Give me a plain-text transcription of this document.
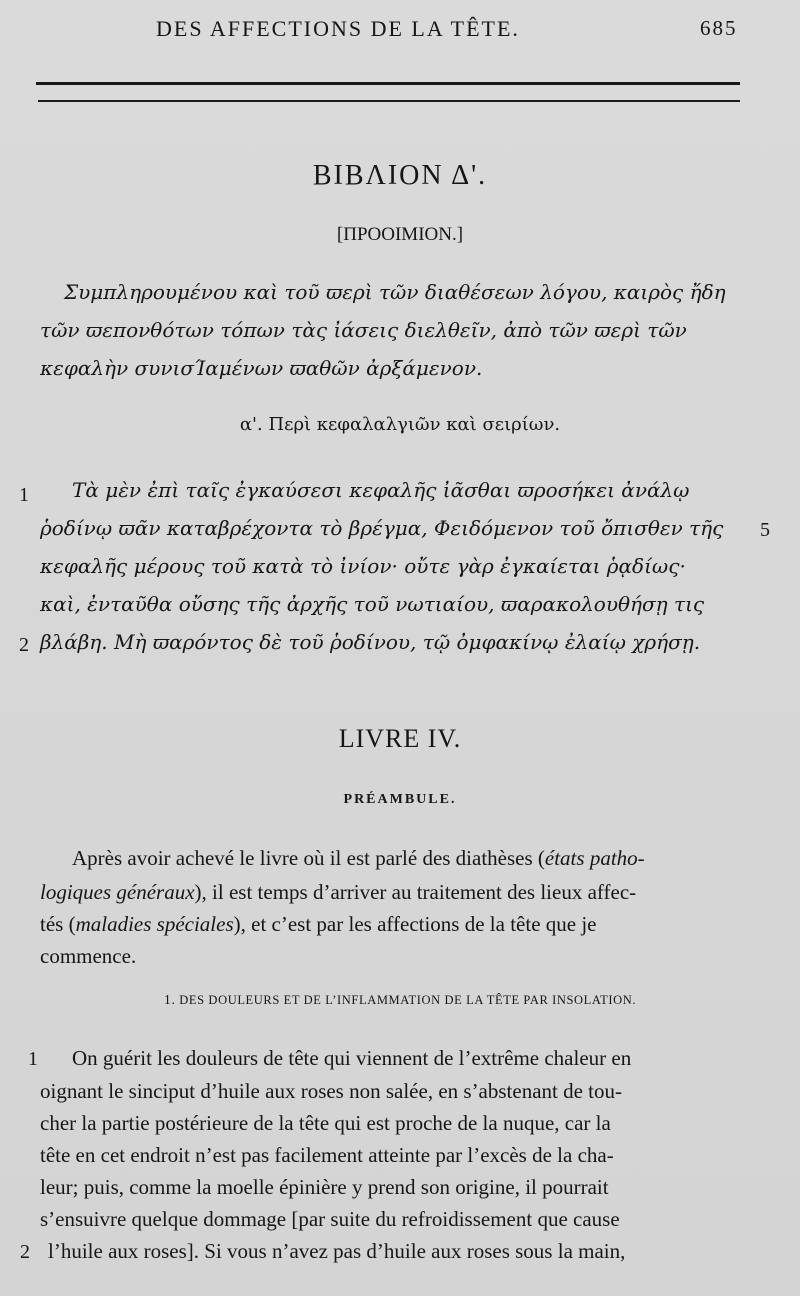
DES AFFECTIONS DE LA TÊTE.	685
ΒΙΒΛΙΟΝ Δ'.
[ΠΡΟΟΙΜΙΟΝ.]
Συμπληρουμένου καὶ τοῦ ϖερὶ τῶν διαθέσεων λόγου, καιρὸς ἤδη
τῶν ϖεπονθότων τόπων τὰς ἰάσεις διελθεῖν, ἀπὸ τῶν ϖερὶ τῶν
κεφαλὴν συνισΊαμένων ϖαθῶν ἀρξάμενον.
α'. Περὶ κεφαλαλγιῶν καὶ σειρίων.
Τὰ μὲν ἐπὶ ταῖς ἐγκαύσεσι κεφαλῆς ἰᾶσθαι ϖροσήκει ἀνάλῳ
ῥοδίνῳ ϖᾶν καταβρέχοντα τὸ βρέγμα, Φειδόμενον τοῦ ὄπισθεν τῆς
κεφαλῆς μέρους τοῦ κατὰ τὸ ἰνίον· οὔτε γὰρ ἐγκαίεται ῥᾳδίως·
καὶ, ἐνταῦθα οὔσης τῆς ἀρχῆς τοῦ νωτιαίου, ϖαρακολουθήσῃ τις
βλάβη. Μὴ ϖαρόντος δὲ τοῦ ῥοδίνου, τῷ ὀμφακίνῳ ἐλαίῳ χρήσῃ.
1
5
2
LIVRE IV.
PRÉAMBULE.
Après avoir achevé le livre où il est parlé des diathèses (états patho-
logiques généraux), il est temps d’arriver au traitement des lieux affec-
tés (maladies spéciales), et c’est par les affections de la tête que je
commence.
1. DES DOULEURS ET DE L’INFLAMMATION DE LA TÊTE PAR INSOLATION.
On guérit les douleurs de tête qui viennent de l’extrême chaleur en
oignant le sinciput d’huile aux roses non salée, en s’abstenant de tou-
cher la partie postérieure de la tête qui est proche de la nuque, car la
tête en cet endroit n’est pas facilement atteinte par l’excès de la cha-
leur; puis, comme la moelle épinière y prend son origine, il pourrait
s’ensuivre quelque dommage [par suite du refroidissement que cause
l’huile aux roses]. Si vous n’avez pas d’huile aux roses sous la main,
1
2
